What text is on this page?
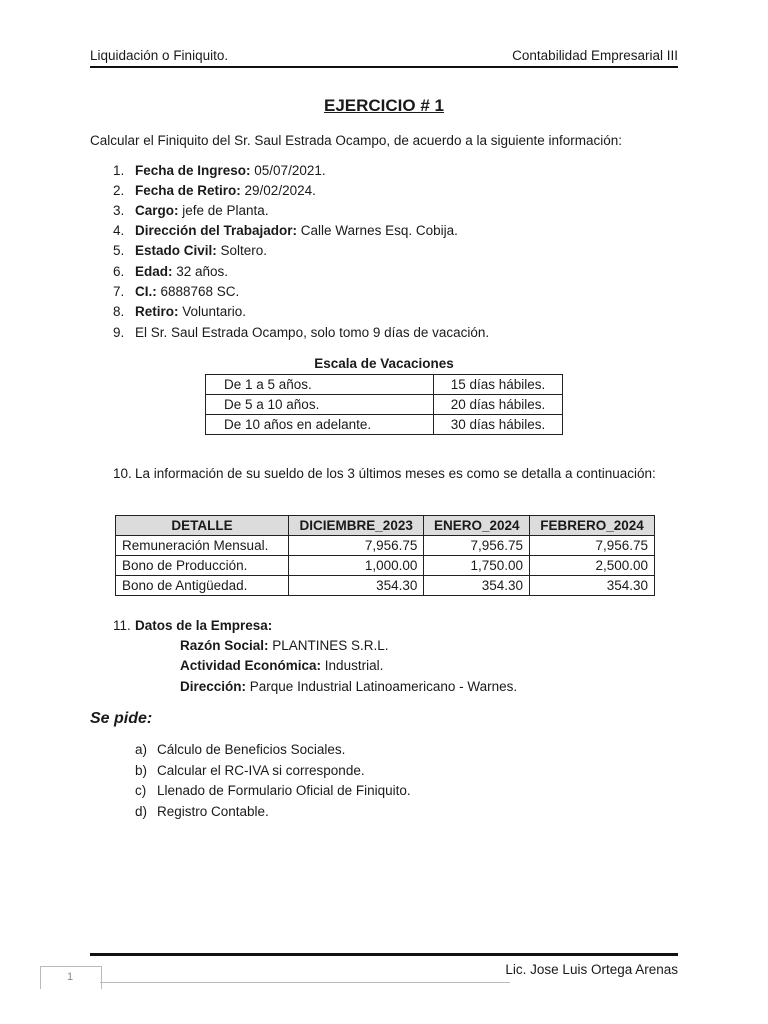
Liquidación o Finiquito.	Contabilidad Empresarial III
EJERCICIO # 1
Calcular el Finiquito del Sr. Saul Estrada Ocampo, de acuerdo a la siguiente información:
1. Fecha de Ingreso: 05/07/2021.
2. Fecha de Retiro: 29/02/2024.
3. Cargo: jefe de Planta.
4. Dirección del Trabajador: Calle Warnes Esq. Cobija.
5. Estado Civil: Soltero.
6. Edad: 32 años.
7. CI.: 6888768 SC.
8. Retiro: Voluntario.
9. El Sr. Saul Estrada Ocampo, solo tomo 9 días de vacación.
Escala de Vacaciones
De 1 a 5 años.	15 días hábiles.
De 5 a 10 años.	20 días hábiles.
De 10 años en adelante.	30 días hábiles.
10. La información de su sueldo de los 3 últimos meses es como se detalla a continuación:
DETALLE	DICIEMBRE_2023	ENERO_2024	FEBRERO_2024
Remuneración Mensual.	7,956.75	7,956.75	7,956.75
Bono de Producción.	1,000.00	1,750.00	2,500.00
Bono de Antigüedad.	354.30	354.30	354.30
11. Datos de la Empresa:
Razón Social: PLANTINES S.R.L.
Actividad Económica: Industrial.
Dirección: Parque Industrial Latinoamericano - Warnes.
Se pide:
a) Cálculo de Beneficios Sociales.
b) Calcular el RC-IVA si corresponde.
c) Llenado de Formulario Oficial de Finiquito.
d) Registro Contable.
Lic. Jose Luis Ortega Arenas
1
